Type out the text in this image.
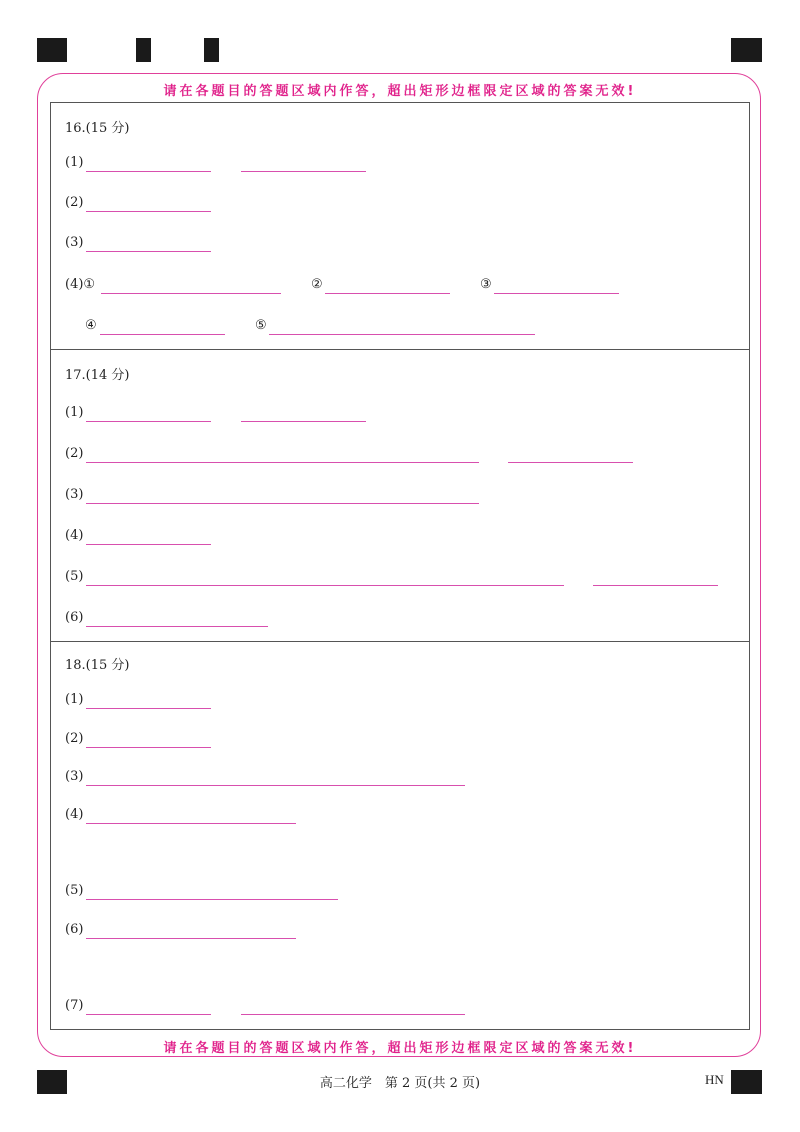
请在各题目的答题区域内作答，超出矩形边框限定区域的答案无效!
请在各题目的答题区域内作答，超出矩形边框限定区域的答案无效!
16.(15 分)
(1)
(2)
(3)
(4)①	②	③
④	⑤
17.(14 分)
(1)
(2)
(3)
(4)
(5)
(6)
18.(15 分)
(1)
(2)
(3)
(4)
(5)
(6)
(7)
高二化学　第 2 页(共 2 页)	HN
